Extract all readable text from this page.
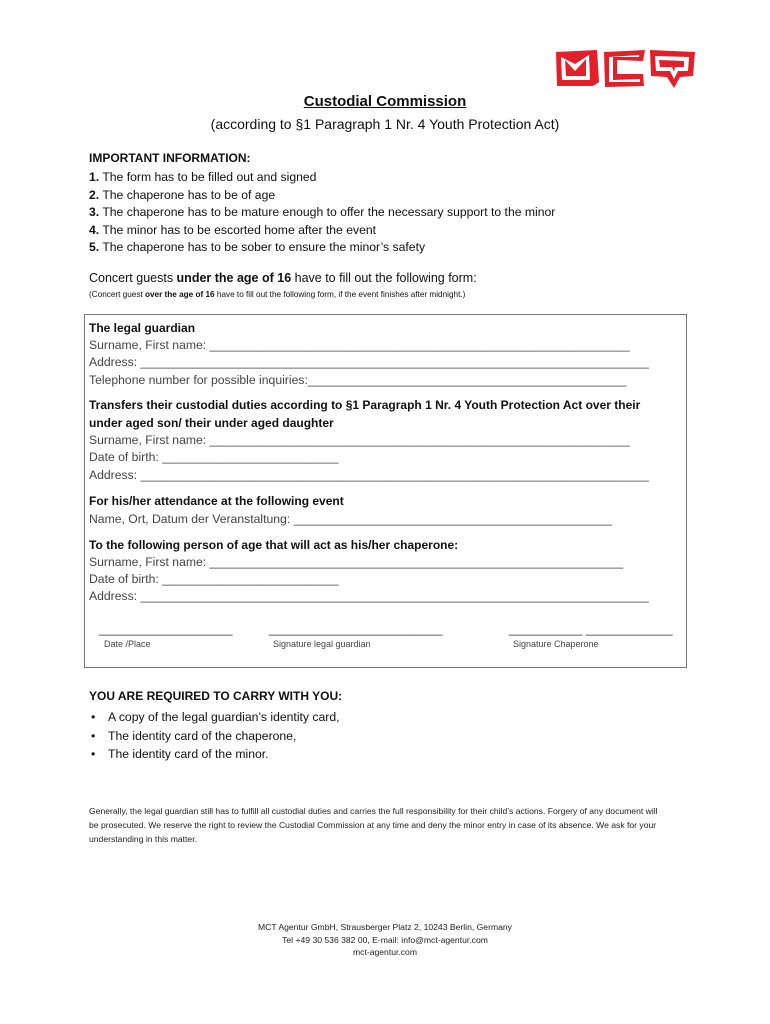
Custodial Commission
(according to §1 Paragraph 1 Nr. 4 Youth Protection Act)
IMPORTANT INFORMATION:
1. The form has to be filled out and signed
2. The chaperone has to be of age
3. The chaperone has to be mature enough to offer the necessary support to the minor
4. The minor has to be escorted home after the event
5. The chaperone has to be sober to ensure the minor’s safety
Concert guests under the age of 16 have to fill out the following form:
(Concert guest over the age of 16 have to fill out the following form, if the event finishes after midnight.)
The legal guardian
Surname, First name: ______________________________________________________________
Address: ___________________________________________________________________________
Telephone number for possible inquiries:_______________________________________________
Transfers their custodial duties according to §1 Paragraph 1 Nr. 4 Youth Protection Act over their
under aged son/ their under aged daughter
Surname, First name: ______________________________________________________________
Date of birth: __________________________
Address: ___________________________________________________________________________
For his/her attendance at the following event
Name, Ort, Datum der Veranstaltung: _______________________________________________
To the following person of age that will act as his/her chaperone:
Surname, First name: _____________________________________________________________
Date of birth: __________________________
Address: ___________________________________________________________________________
____________________	__________________________	___________ _____________
Date /Place	Signature legal guardian	Signature Chaperone
YOU ARE REQUIRED TO CARRY WITH YOU:
• A copy of the legal guardian’s identity card,
• The identity card of the chaperone,
• The identity card of the minor.
Generally, the legal guardian still has to fulfill all custodial duties and carries the full responsibility for their child’s actions. Forgery of any document will be prosecuted. We reserve the right to review the Custodial Commission at any time and deny the minor entry in case of its absence. We ask for your understanding in this matter.
MCT Agentur GmbH, Strausberger Platz 2, 10243 Berlin, Germany
Tel +49 30 536 382 00, E-mail: info@mct-agentur.com
mct-agentur.com
